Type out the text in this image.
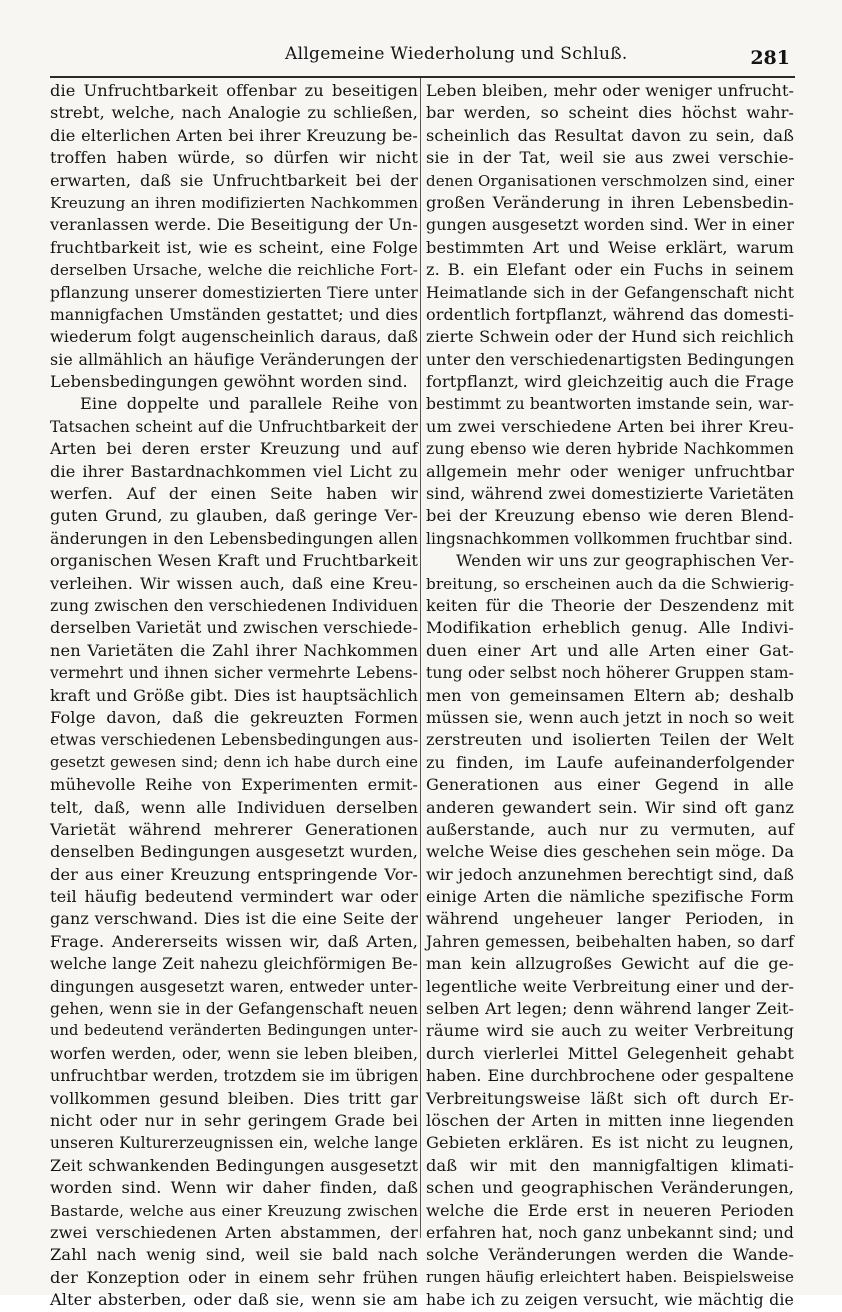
Allgemeine Wiederholung und Schluß.	281
die Unfruchtbarkeit offenbar zu beseitigen
strebt, welche, nach Analogie zu schließen,
die elterlichen Arten bei ihrer Kreuzung be-
troffen haben würde, so dürfen wir nicht
erwarten, daß sie Unfruchtbarkeit bei der
Kreuzung an ihren modifizierten Nachkommen
veranlassen werde. Die Beseitigung der Un-
fruchtbarkeit ist, wie es scheint, eine Folge
derselben Ursache, welche die reichliche Fort-
pflanzung unserer domestizierten Tiere unter
mannigfachen Umständen gestattet; und dies
wiederum folgt augenscheinlich daraus, daß
sie allmählich an häufige Veränderungen der
Lebensbedingungen gewöhnt worden sind.
Eine doppelte und parallele Reihe von
Tatsachen scheint auf die Unfruchtbarkeit der
Arten bei deren erster Kreuzung und auf
die ihrer Bastardnachkommen viel Licht zu
werfen. Auf der einen Seite haben wir
guten Grund, zu glauben, daß geringe Ver-
änderungen in den Lebensbedingungen allen
organischen Wesen Kraft und Fruchtbarkeit
verleihen. Wir wissen auch, daß eine Kreu-
zung zwischen den verschiedenen Individuen
derselben Varietät und zwischen verschiede-
nen Varietäten die Zahl ihrer Nachkommen
vermehrt und ihnen sicher vermehrte Lebens-
kraft und Größe gibt. Dies ist hauptsächlich
Folge davon, daß die gekreuzten Formen
etwas verschiedenen Lebensbedingungen aus-
gesetzt gewesen sind; denn ich habe durch eine
mühevolle Reihe von Experimenten ermit-
telt, daß, wenn alle Individuen derselben
Varietät während mehrerer Generationen
denselben Bedingungen ausgesetzt wurden,
der aus einer Kreuzung entspringende Vor-
teil häufig bedeutend vermindert war oder
ganz verschwand. Dies ist die eine Seite der
Frage. Andererseits wissen wir, daß Arten,
welche lange Zeit nahezu gleichförmigen Be-
dingungen ausgesetzt waren, entweder unter-
gehen, wenn sie in der Gefangenschaft neuen
und bedeutend veränderten Bedingungen unter-
worfen werden, oder, wenn sie leben bleiben,
unfruchtbar werden, trotzdem sie im übrigen
vollkommen gesund bleiben. Dies tritt gar
nicht oder nur in sehr geringem Grade bei
unseren Kulturerzeugnissen ein, welche lange
Zeit schwankenden Bedingungen ausgesetzt
worden sind. Wenn wir daher finden, daß
Bastarde, welche aus einer Kreuzung zwischen
zwei verschiedenen Arten abstammen, der
Zahl nach wenig sind, weil sie bald nach
der Konzeption oder in einem sehr frühen
Alter absterben, oder daß sie, wenn sie am
Leben bleiben, mehr oder weniger unfrucht-
bar werden, so scheint dies höchst wahr-
scheinlich das Resultat davon zu sein, daß
sie in der Tat, weil sie aus zwei verschie-
denen Organisationen verschmolzen sind, einer
großen Veränderung in ihren Lebensbedin-
gungen ausgesetzt worden sind. Wer in einer
bestimmten Art und Weise erklärt, warum
z. B. ein Elefant oder ein Fuchs in seinem
Heimatlande sich in der Gefangenschaft nicht
ordentlich fortpflanzt, während das domesti-
zierte Schwein oder der Hund sich reichlich
unter den verschiedenartigsten Bedingungen
fortpflanzt, wird gleichzeitig auch die Frage
bestimmt zu beantworten imstande sein, war-
um zwei verschiedene Arten bei ihrer Kreu-
zung ebenso wie deren hybride Nachkommen
allgemein mehr oder weniger unfruchtbar
sind, während zwei domestizierte Varietäten
bei der Kreuzung ebenso wie deren Blend-
lingsnachkommen vollkommen fruchtbar sind.
Wenden wir uns zur geographischen Ver-
breitung, so erscheinen auch da die Schwierig-
keiten für die Theorie der Deszendenz mit
Modifikation erheblich genug. Alle Indivi-
duen einer Art und alle Arten einer Gat-
tung oder selbst noch höherer Gruppen stam-
men von gemeinsamen Eltern ab; deshalb
müssen sie, wenn auch jetzt in noch so weit
zerstreuten und isolierten Teilen der Welt
zu finden, im Laufe aufeinanderfolgender
Generationen aus einer Gegend in alle
anderen gewandert sein. Wir sind oft ganz
außerstande, auch nur zu vermuten, auf
welche Weise dies geschehen sein möge. Da
wir jedoch anzunehmen berechtigt sind, daß
einige Arten die nämliche spezifische Form
während ungeheuer langer Perioden, in
Jahren gemessen, beibehalten haben, so darf
man kein allzugroßes Gewicht auf die ge-
legentliche weite Verbreitung einer und der-
selben Art legen; denn während langer Zeit-
räume wird sie auch zu weiter Verbreitung
durch vierlerlei Mittel Gelegenheit gehabt
haben. Eine durchbrochene oder gespaltene
Verbreitungsweise läßt sich oft durch Er-
löschen der Arten in mitten inne liegenden
Gebieten erklären. Es ist nicht zu leugnen,
daß wir mit den mannigfaltigen klimati-
schen und geographischen Veränderungen,
welche die Erde erst in neueren Perioden
erfahren hat, noch ganz unbekannt sind; und
solche Veränderungen werden die Wande-
rungen häufig erleichtert haben. Beispielsweise
habe ich zu zeigen versucht, wie mächtig die
